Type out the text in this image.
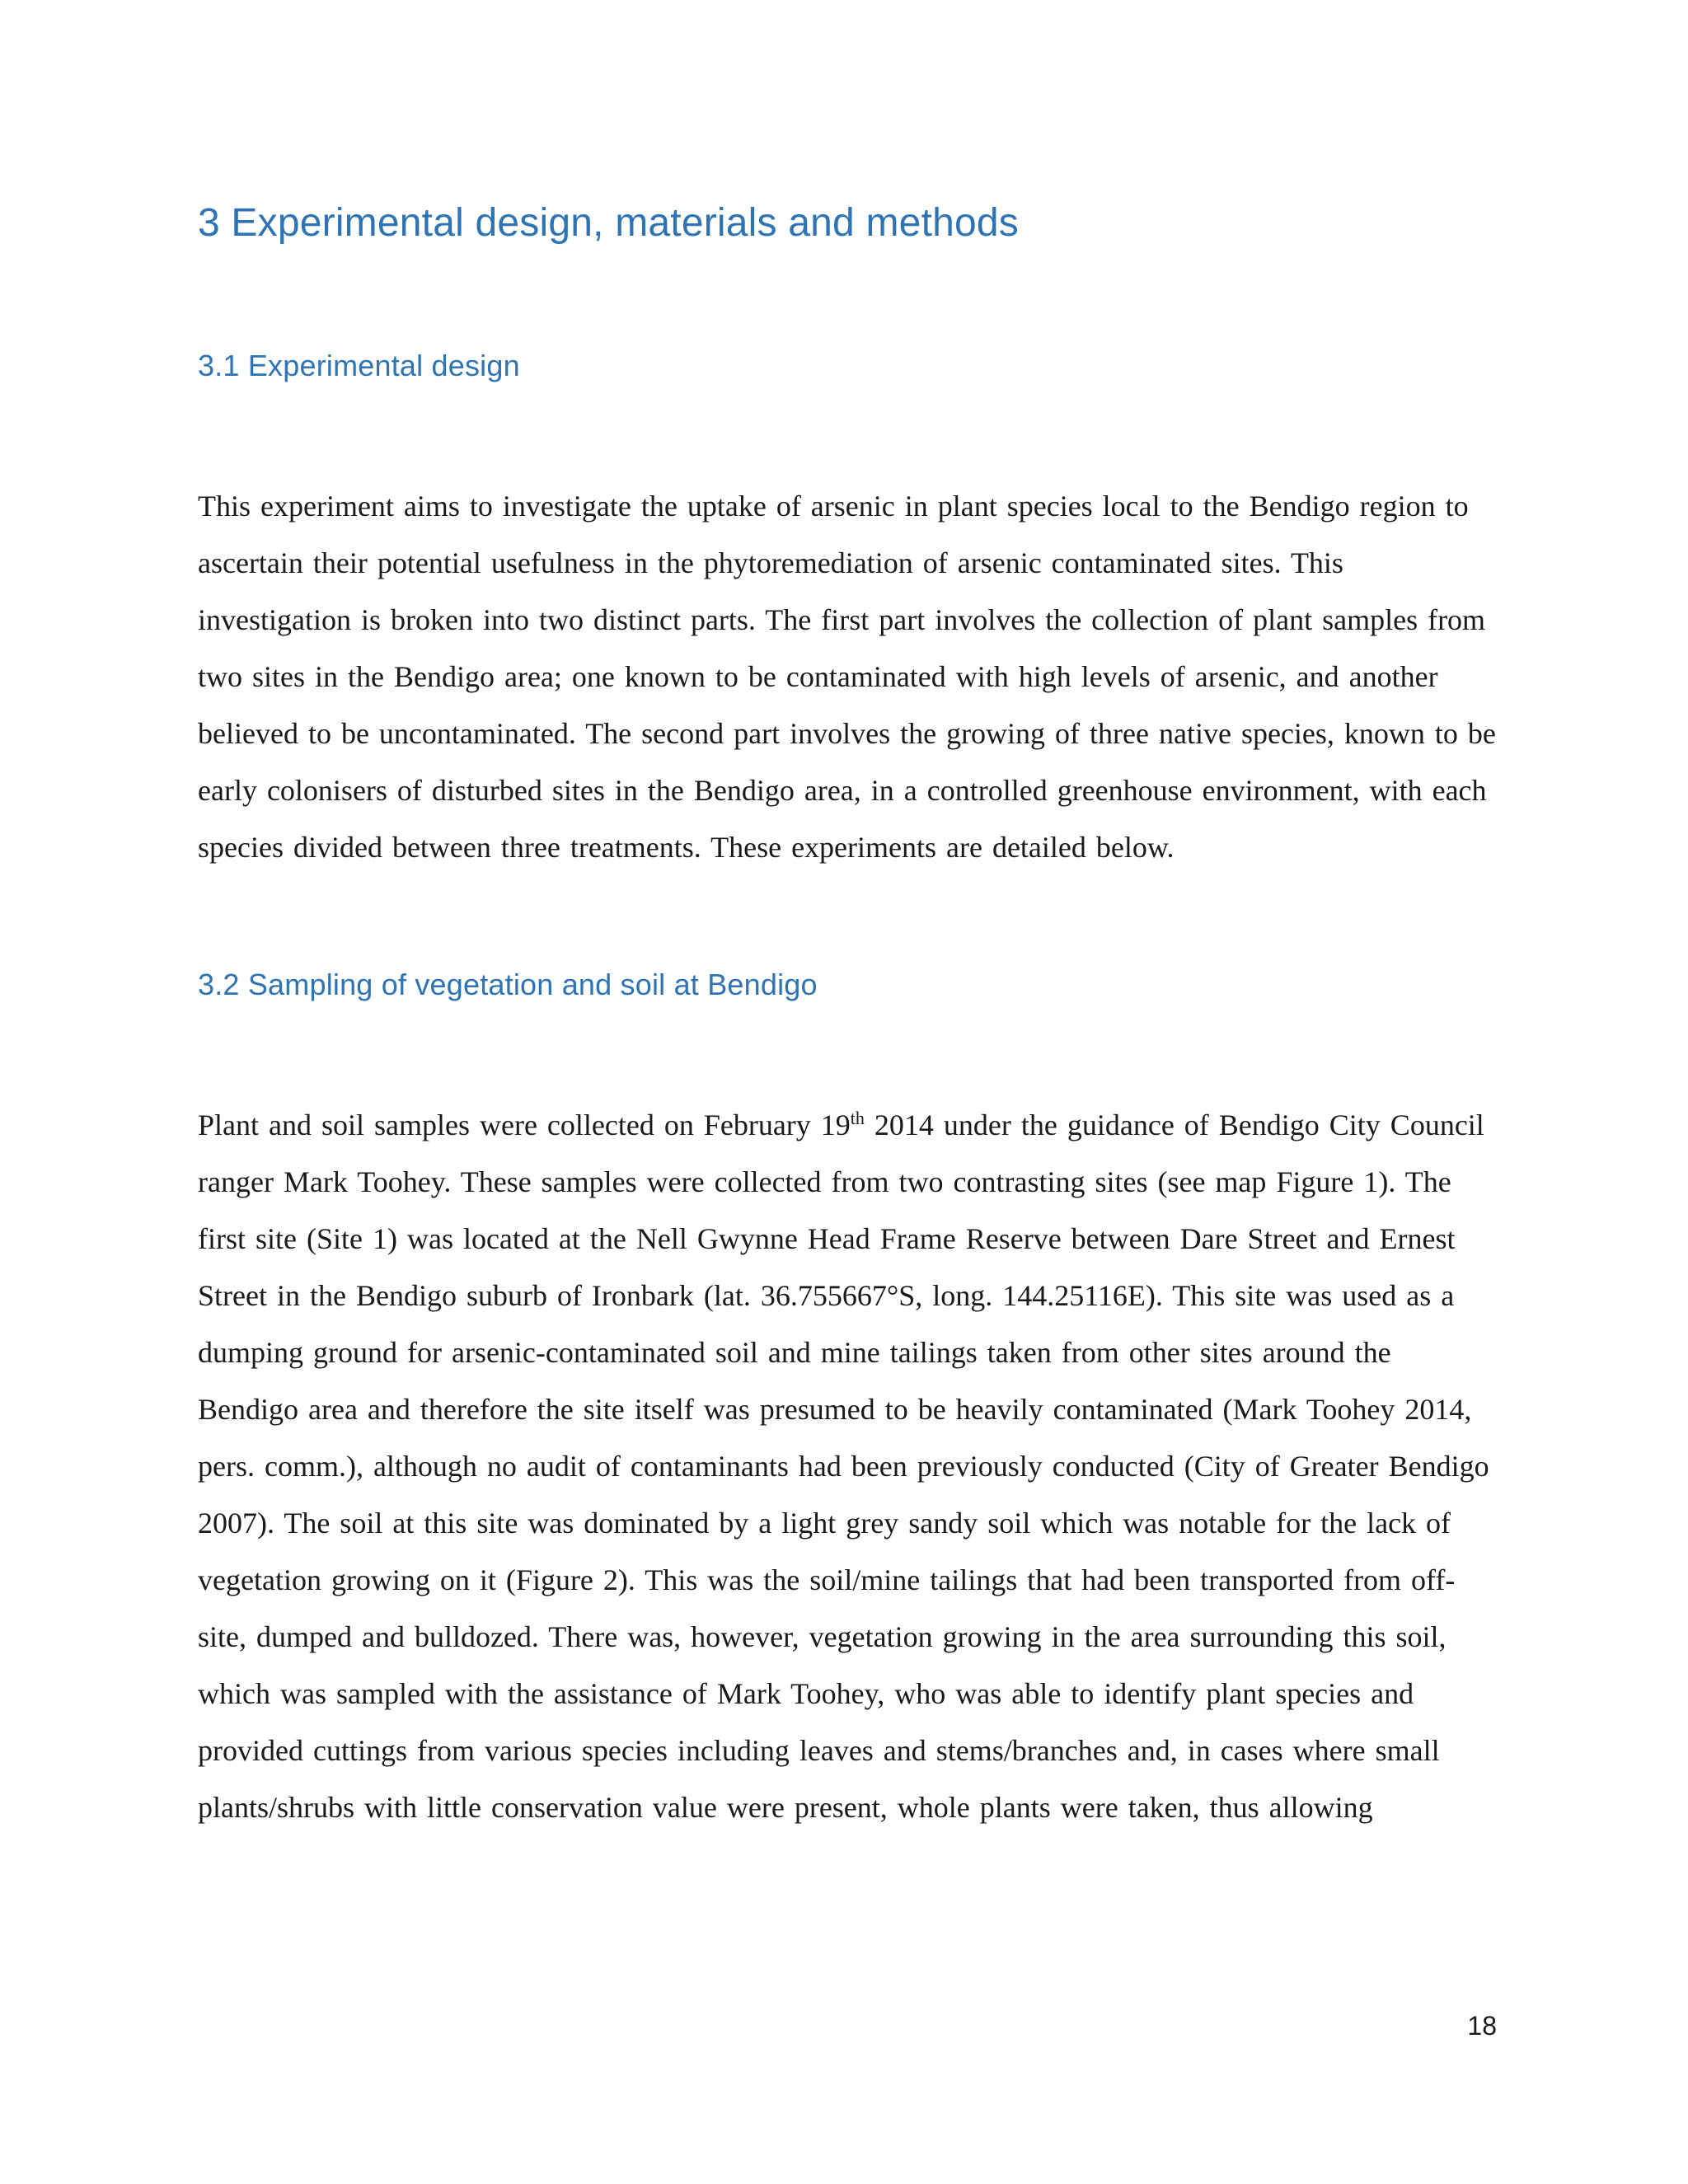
3 Experimental design, materials and methods
3.1 Experimental design

This experiment aims to investigate the uptake of arsenic in plant species local to the Bendigo region to ascertain their potential usefulness in the phytoremediation of arsenic contaminated sites. This investigation is broken into two distinct parts. The first part involves the collection of plant samples from two sites in the Bendigo area; one known to be contaminated with high levels of arsenic, and another believed to be uncontaminated. The second part involves the growing of three native species, known to be early colonisers of disturbed sites in the Bendigo area, in a controlled greenhouse environment, with each species divided between three treatments. These experiments are detailed below.

3.2 Sampling of vegetation and soil at Bendigo

Plant and soil samples were collected on February 19th 2014 under the guidance of Bendigo City Council ranger Mark Toohey. These samples were collected from two contrasting sites (see map Figure 1). The first site (Site 1) was located at the Nell Gwynne Head Frame Reserve between Dare Street and Ernest Street in the Bendigo suburb of Ironbark (lat. 36.755667°S, long. 144.25116E). This site was used as a dumping ground for arsenic-contaminated soil and mine tailings taken from other sites around the Bendigo area and therefore the site itself was presumed to be heavily contaminated (Mark Toohey 2014, pers. comm.), although no audit of contaminants had been previously conducted (City of Greater Bendigo 2007). The soil at this site was dominated by a light grey sandy soil which was notable for the lack of vegetation growing on it (Figure 2). This was the soil/mine tailings that had been transported from off-site, dumped and bulldozed. There was, however, vegetation growing in the area surrounding this soil, which was sampled with the assistance of Mark Toohey, who was able to identify plant species and provided cuttings from various species including leaves and stems/branches and, in cases where small plants/shrubs with little conservation value were present, whole plants were taken, thus allowing

18
